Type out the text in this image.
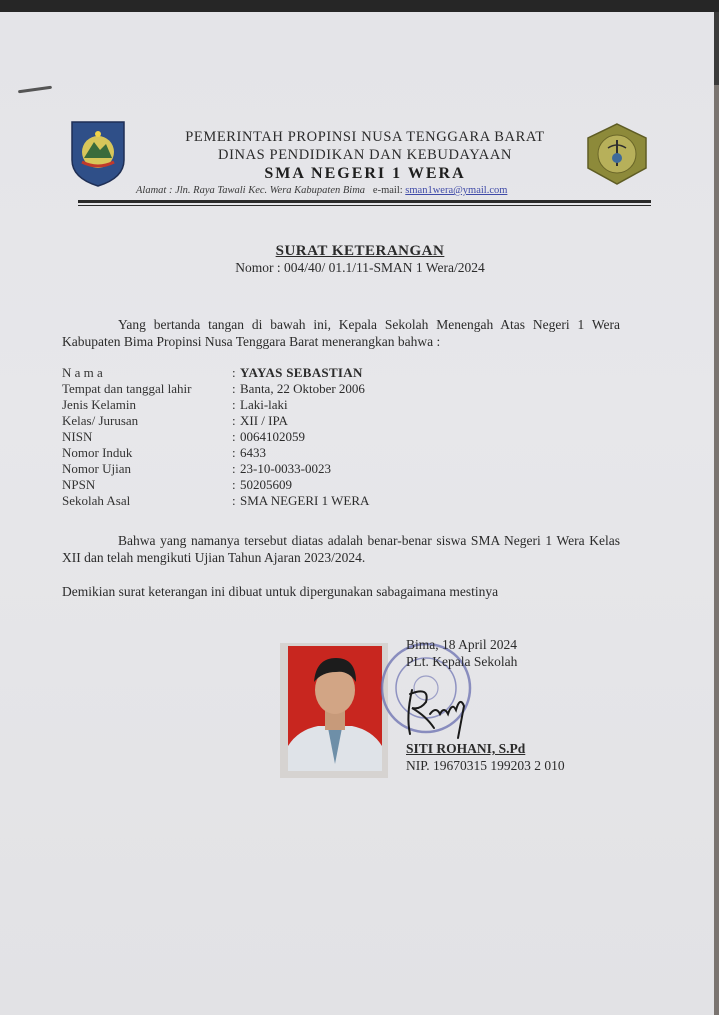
PEMERINTAH PROPINSI NUSA TENGGARA BARAT
DINAS PENDIDIKAN DAN KEBUDAYAAN
SMA NEGERI 1 WERA
Alamat : Jln. Raya Tawali Kec. Wera Kabupaten Bima e-mail: sman1wera@ymail.com
SURAT KETERANGAN
Nomor : 004/40/ 01.1/11-SMAN 1 Wera/2024
Yang bertanda tangan di bawah ini, Kepala Sekolah Menengah Atas Negeri 1 Wera Kabupaten Bima Propinsi Nusa Tenggara Barat menerangkan bahwa :
N a m a	: YAYAS SEBASTIAN
Tempat dan tanggal lahir	: Banta, 22 Oktober 2006
Jenis Kelamin	: Laki-laki
Kelas/ Jurusan	: XII / IPA
NISN	: 0064102059
Nomor Induk	: 6433
Nomor Ujian	: 23-10-0033-0023
NPSN	: 50205609
Sekolah Asal	: SMA NEGERI 1 WERA
Bahwa yang namanya tersebut diatas adalah benar-benar siswa SMA Negeri 1 Wera Kelas XII dan telah mengikuti Ujian Tahun Ajaran 2023/2024.
Demikian surat keterangan ini dibuat untuk dipergunakan sabagaimana mestinya
Bima, 18 April 2024
PLt. Kepala Sekolah
SITI ROHANI, S.Pd
NIP. 19670315 199203 2 010
